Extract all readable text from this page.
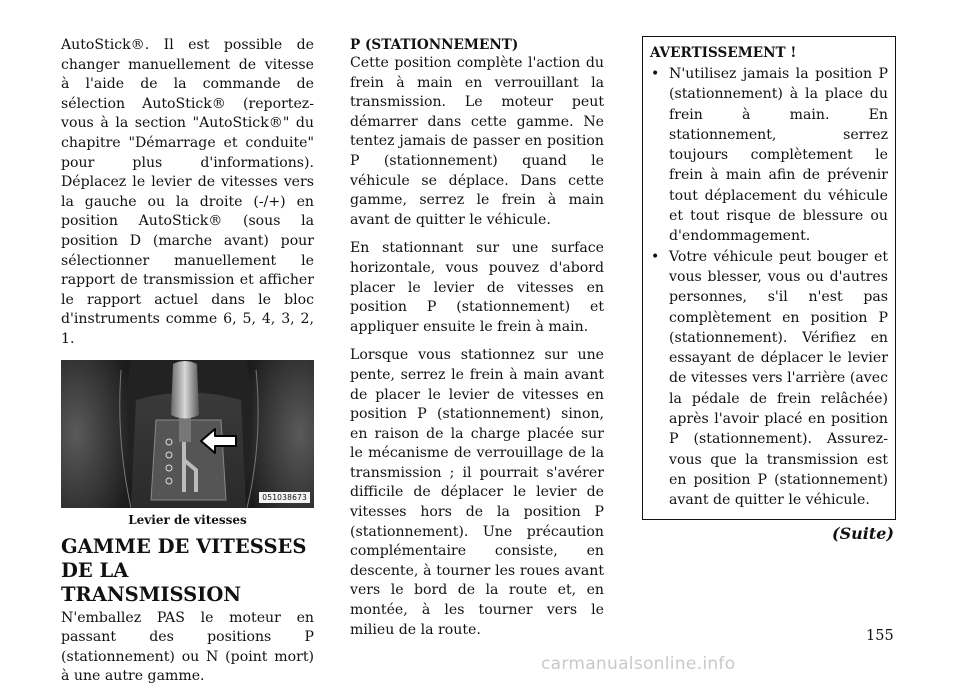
AutoStick®. Il est possible de changer manuellement de vitesse à l'aide de la commande de sélection AutoStick® (reportez-vous à la section "AutoStick®" du chapitre "Démarrage et conduite" pour plus d'informations). Déplacez le levier de vitesses vers la gauche ou la droite (-/+) en position AutoStick® (sous la position D (marche avant) pour sélectionner manuellement le rapport de transmission et afficher le rapport actuel dans le bloc d'instruments comme 6, 5, 4, 3, 2, 1.

051038673
Levier de vitesses
GAMME DE VITESSES DE LA TRANSMISSION

N'emballez PAS le moteur en passant des positions P (stationnement) ou N (point mort) à une autre gamme.

P (STATIONNEMENT)

Cette position complète l'action du frein à main en verrouillant la transmission. Le moteur peut démarrer dans cette gamme. Ne tentez jamais de passer en position P (stationnement) quand le véhicule se déplace. Dans cette gamme, serrez le frein à main avant de quitter le véhicule.

En stationnant sur une surface horizontale, vous pouvez d'abord placer le levier de vitesses en position P (stationnement) et appliquer ensuite le frein à main.

Lorsque vous stationnez sur une pente, serrez le frein à main avant de placer le levier de vitesses en position P (stationnement) sinon, en raison de la charge placée sur le mécanisme de verrouillage de la transmission ; il pourrait s'avérer difficile de déplacer le levier de vitesses hors de la position P (stationnement). Une précaution complémentaire consiste, en descente, à tourner les roues avant vers le bord de la route et, en montée, à les tourner vers le milieu de la route.

AVERTISSEMENT !
• N'utilisez jamais la position P (stationnement) à la place du frein à main. En stationnement, serrez toujours complètement le frein à main afin de prévenir tout déplacement du véhicule et tout risque de blessure ou d'endommagement.
• Votre véhicule peut bouger et vous blesser, vous ou d'autres personnes, s'il n'est pas complètement en position P (stationnement). Vérifiez en essayant de déplacer le levier de vitesses vers l'arrière (avec la pédale de frein relâchée) après l'avoir placé en position P (stationnement). Assurez-vous que la transmission est en position P (stationnement) avant de quitter le véhicule.
(Suite)
155
carmanualsonline.info
